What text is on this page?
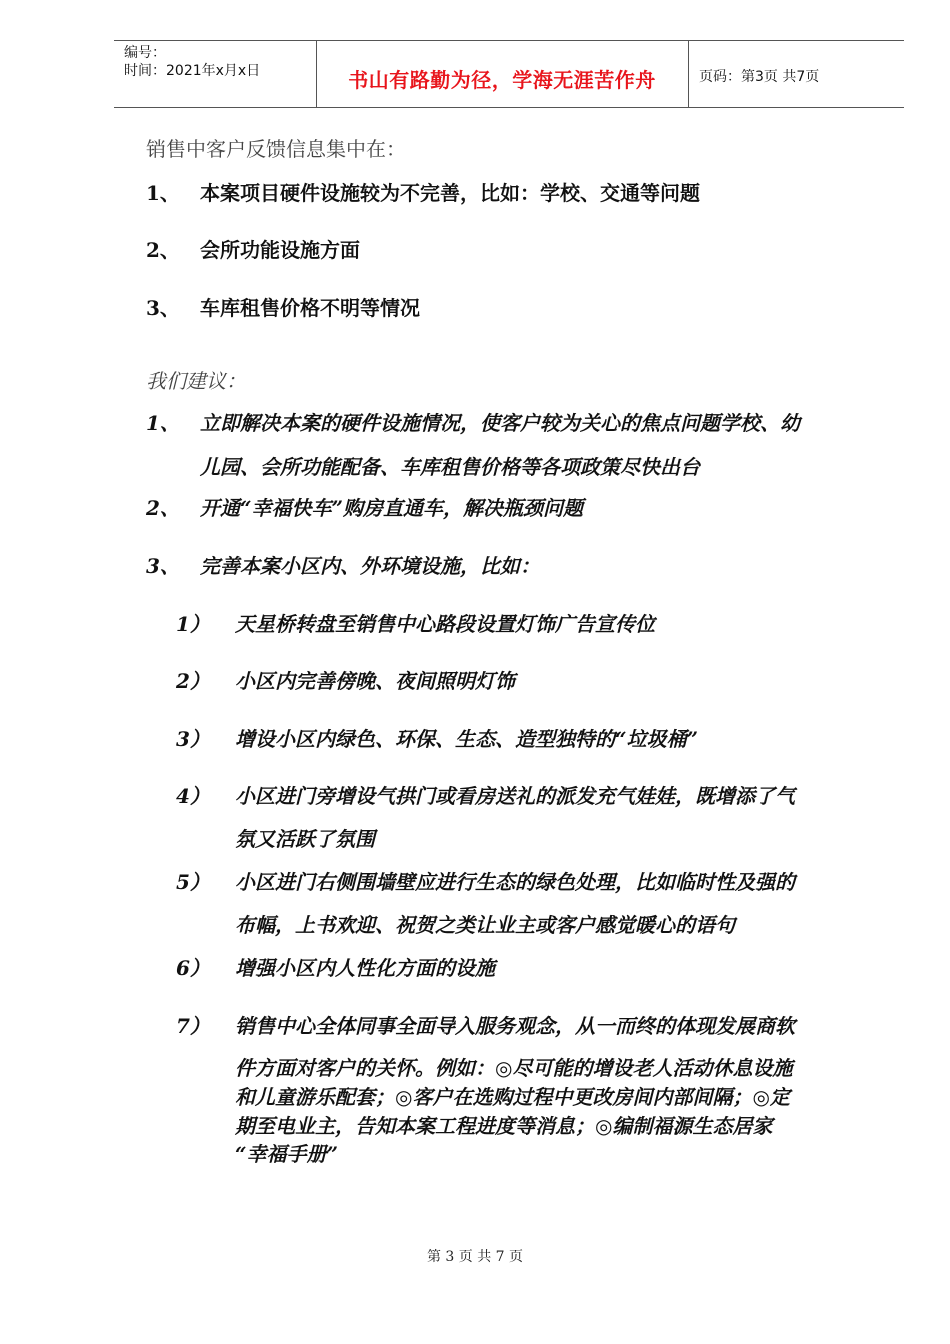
编号：
时间：2021年x月x日	书山有路勤为径，学海无涯苦作舟	页码：第3页 共7页
销售中客户反馈信息集中在：
1、 本案项目硬件设施较为不完善，比如：学校、交通等问题
2、 会所功能设施方面
3、 车库租售价格不明等情况
我们建议：
1、 立即解决本案的硬件设施情况，使客户较为关心的焦点问题学校、幼
儿园、会所功能配备、车库租售价格等各项政策尽快出台
2、 开通“幸福快车”购房直通车，解决瓶颈问题
3、 完善本案小区内、外环境设施，比如：
1） 天星桥转盘至销售中心路段设置灯饰广告宣传位
2） 小区内完善傍晚、夜间照明灯饰
3） 增设小区内绿色、环保、生态、造型独特的“垃圾桶”
4） 小区进门旁增设气拱门或看房送礼的派发充气娃娃，既增添了气
氛又活跃了氛围
5） 小区进门右侧围墙壁应进行生态的绿色处理，比如临时性及强的
布幅，上书欢迎、祝贺之类让业主或客户感觉暖心的语句
6） 增强小区内人性化方面的设施
7） 销售中心全体同事全面导入服务观念，从一而终的体现发展商软
件方面对客户的关怀。例如：◎尽可能的增设老人活动休息设施
和儿童游乐配套；◎客户在选购过程中更改房间内部间隔；◎定
期至电业主，告知本案工程进度等消息；◎编制福源生态居家
“幸福手册”
第 3 页 共 7 页
